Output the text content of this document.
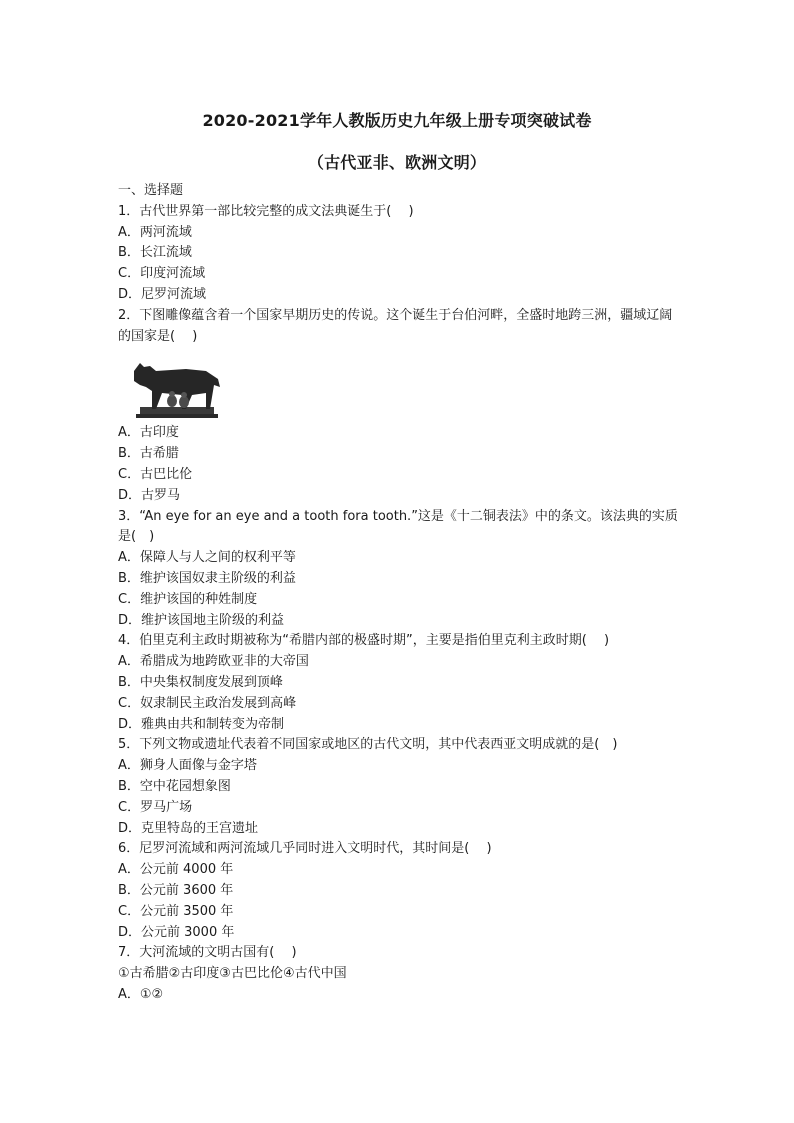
2020-2021学年人教版历史九年级上册专项突破试卷
（古代亚非、欧洲文明）
一、选择题
1．古代世界第一部比较完整的成文法典诞生于(　 )
A．两河流域
B．长江流域
C．印度河流域
D．尼罗河流域
2．下图雕像蕴含着一个国家早期历史的传说。这个诞生于台伯河畔，全盛时地跨三洲，疆域辽阔的国家是(　 )
A．古印度
B．古希腊
C．古巴比伦
D．古罗马
3．“An eye for an eye and a tooth fora tooth.”这是《十二铜表法》中的条文。该法典的实质是(　)
A．保障人与人之间的权利平等
B．维护该国奴隶主阶级的利益
C．维护该国的种姓制度
D．维护该国地主阶级的利益
4．伯里克利主政时期被称为“希腊内部的极盛时期”，主要是指伯里克利主政时期(　 )
A．希腊成为地跨欧亚非的大帝国
B．中央集权制度发展到顶峰
C．奴隶制民主政治发展到高峰
D．雅典由共和制转变为帝制
5．下列文物或遗址代表着不同国家或地区的古代文明，其中代表西亚文明成就的是(　)
A．狮身人面像与金字塔
B．空中花园想象图
C．罗马广场
D．克里特岛的王宫遗址
6．尼罗河流域和两河流域几乎同时进入文明时代，其时间是(　 )
A．公元前 4000 年
B．公元前 3600 年
C．公元前 3500 年
D．公元前 3000 年
7．大河流域的文明古国有(　 )
①古希腊②古印度③古巴比伦④古代中国
A．①②
